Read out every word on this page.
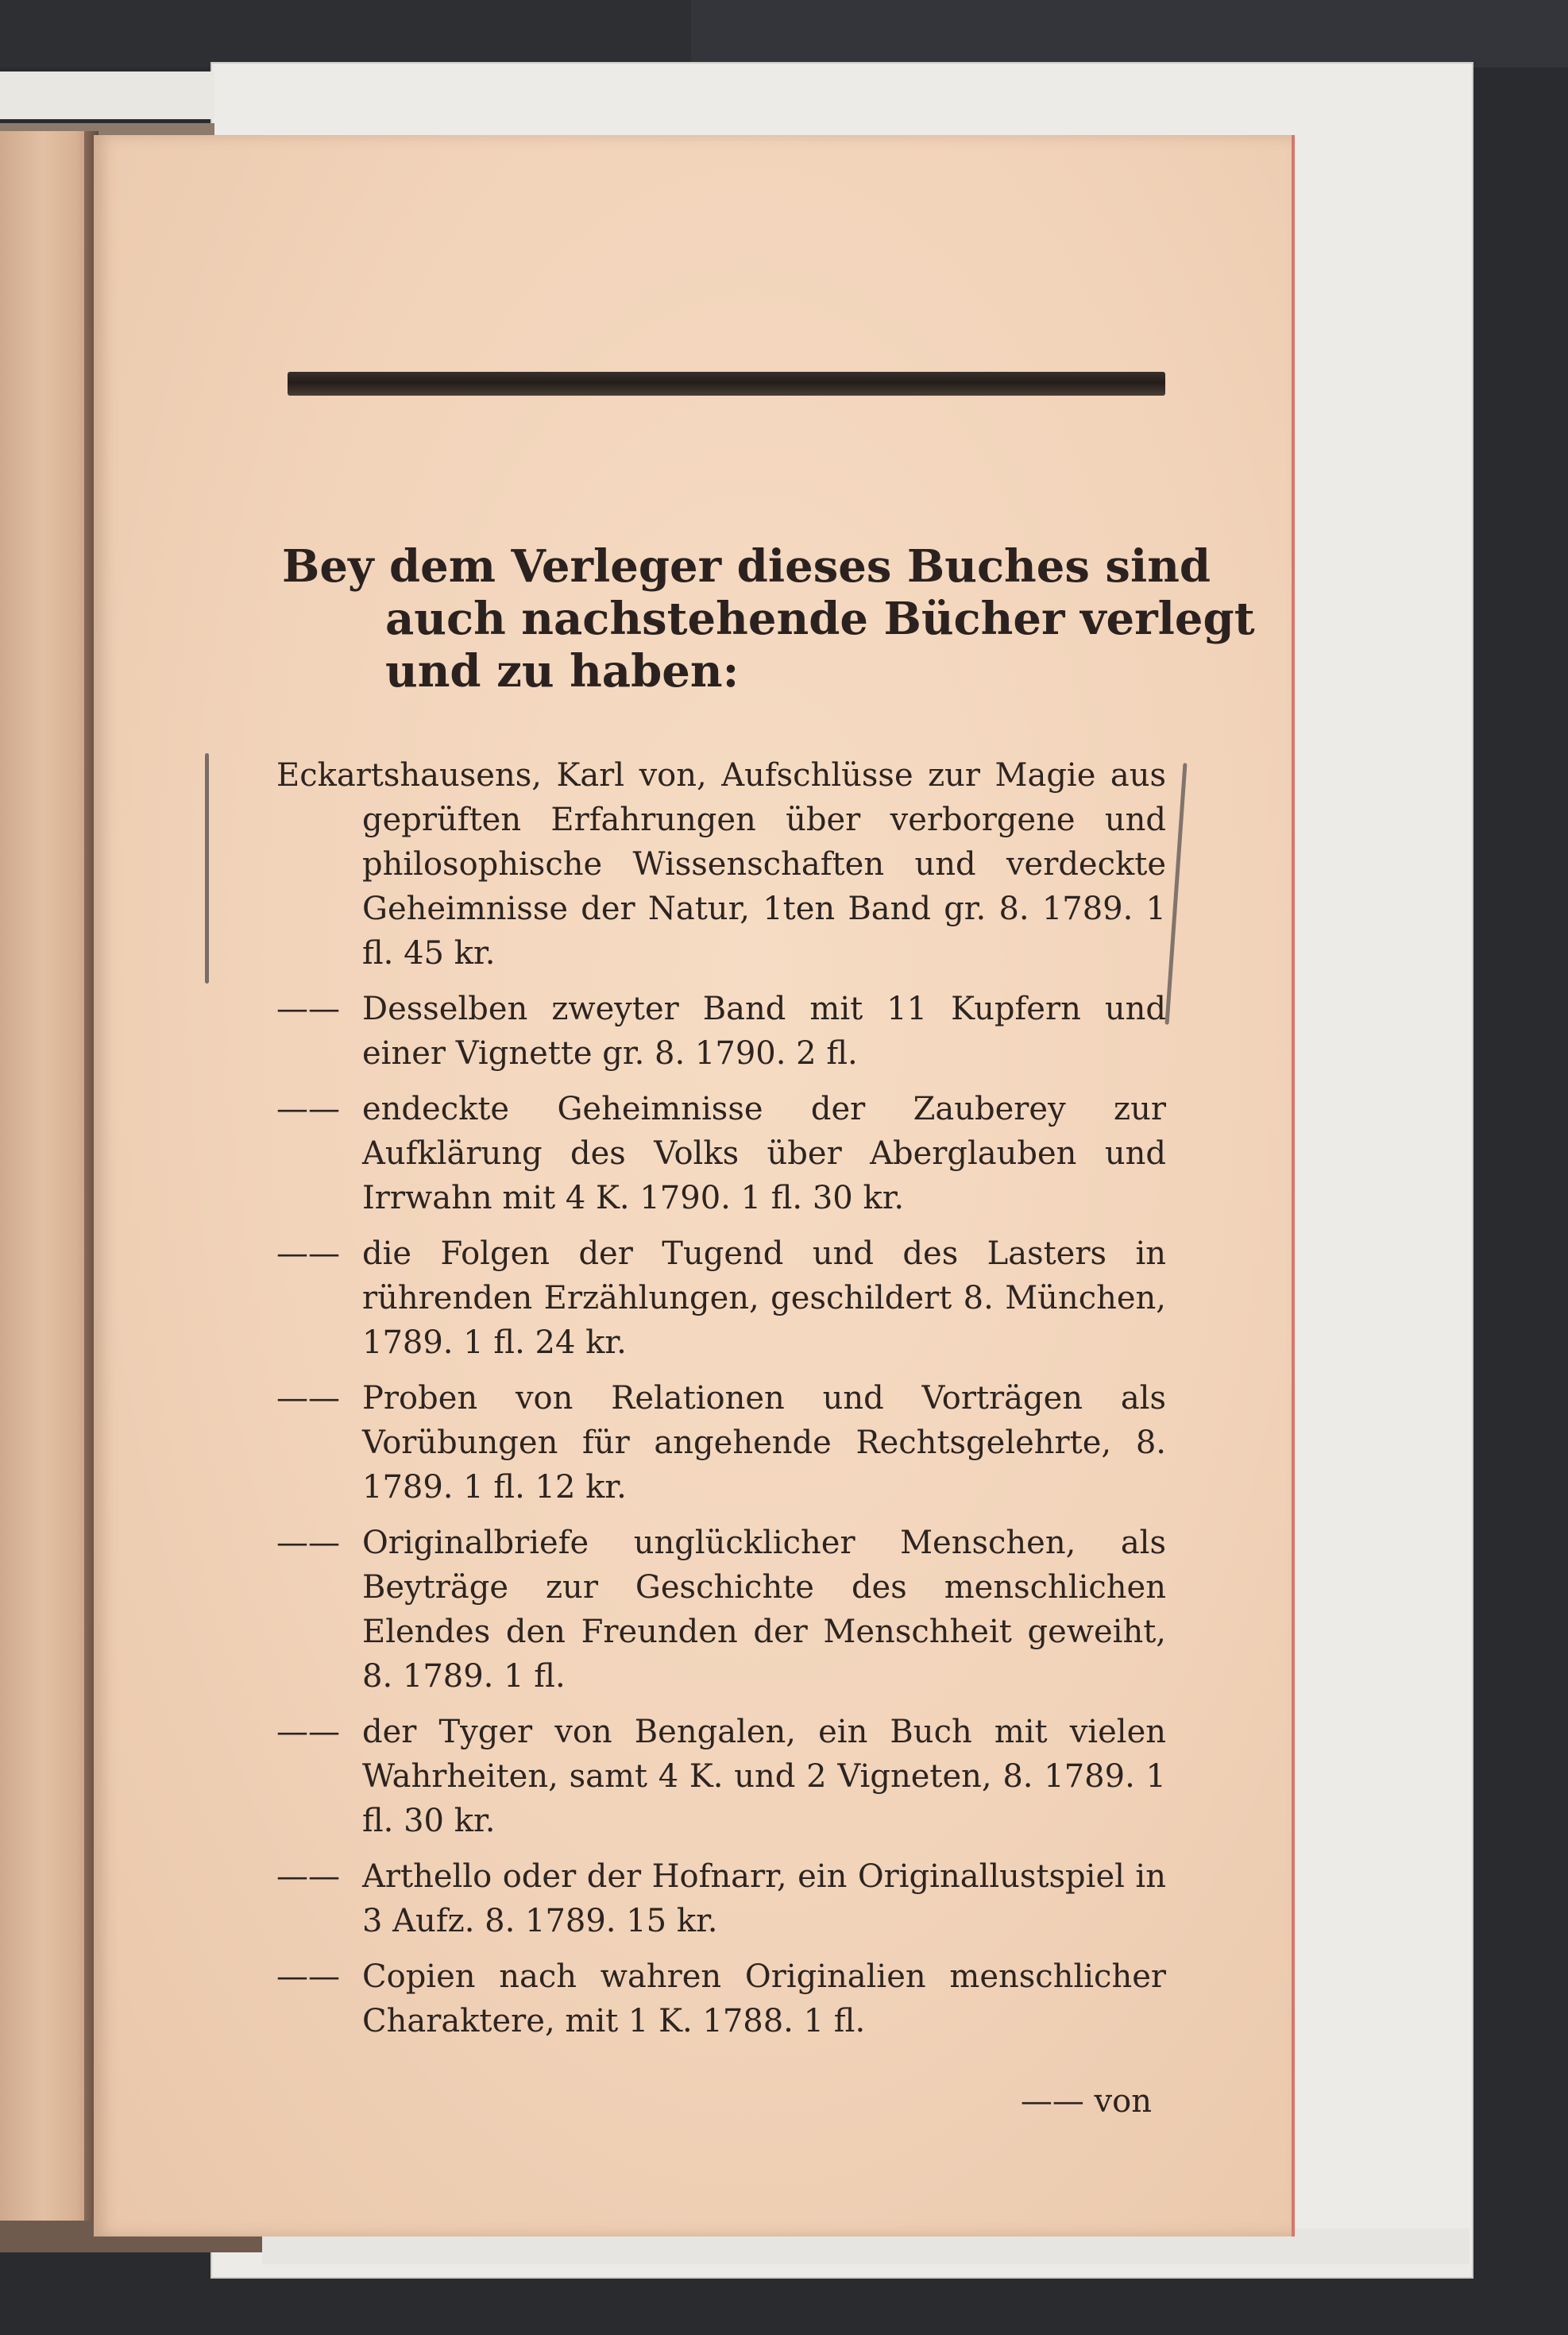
Bey dem Verleger dieses Buches sind auch nachstehende Bücher verlegt und zu haben:
Eckartshausens, Karl von, Aufschlüsse zur Magie aus geprüften Erfahrungen über verborgene und philosophische Wissenschaften und verdeckte Geheimnisse der Natur, 1ten Band gr. 8. 1789. 1 fl. 45 kr.
—— Desselben zweyter Band mit 11 Kupfern und einer Vignette gr. 8. 1790. 2 fl.
—— endeckte Geheimnisse der Zauberey zur Aufklärung des Volks über Aberglauben und Irrwahn mit 4 K. 1790. 1 fl. 30 kr.
—— die Folgen der Tugend und des Lasters in rührenden Erzählungen, geschildert 8. München, 1789. 1 fl. 24 kr.
—— Proben von Relationen und Vorträgen als Vorübungen für angehende Rechtsgelehrte, 8. 1789. 1 fl. 12 kr.
—— Originalbriefe unglücklicher Menschen, als Beyträge zur Geschichte des menschlichen Elendes den Freunden der Menschheit geweiht, 8. 1789. 1 fl.
—— der Tyger von Bengalen, ein Buch mit vielen Wahrheiten, samt 4 K. und 2 Vigneten, 8. 1789. 1 fl. 30 kr.
—— Arthello oder der Hofnarr, ein Originallustspiel in 3 Aufz. 8. 1789. 15 kr.
—— Copien nach wahren Originalien menschlicher Charaktere, mit 1 K. 1788. 1 fl.
—— von
